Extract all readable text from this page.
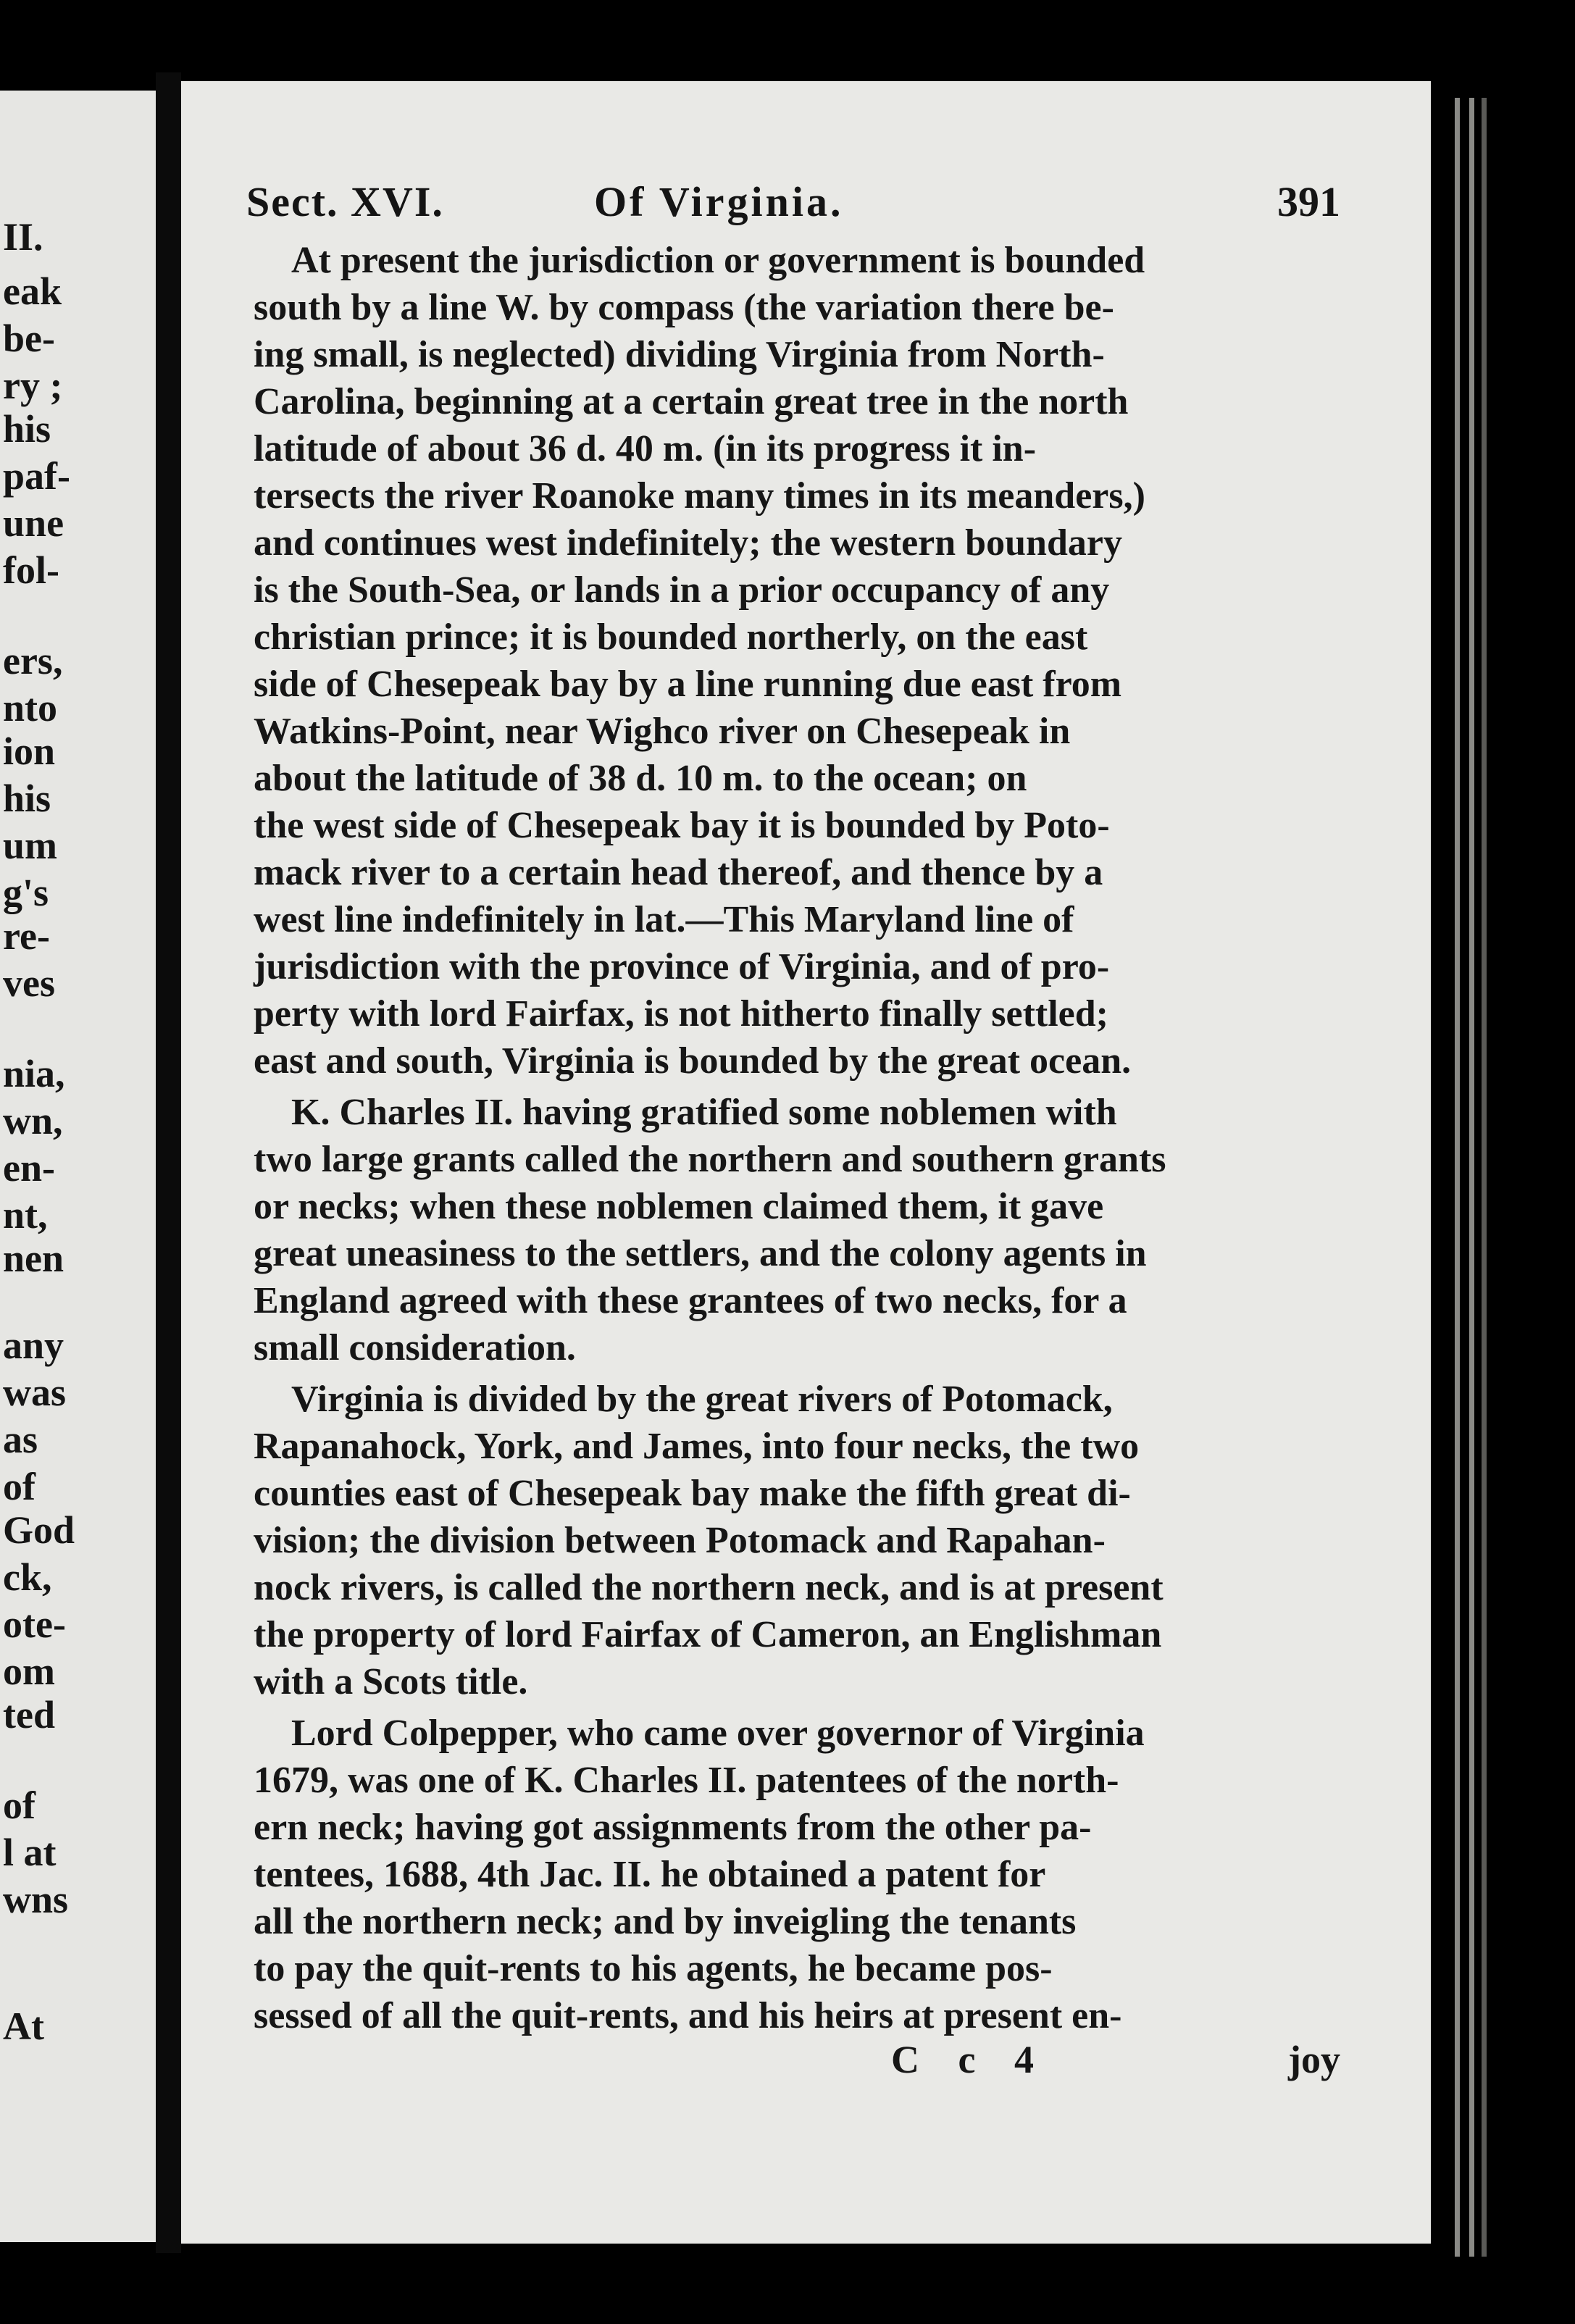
II.
eak
be-
ry ;
his
paf-
une
fol-
ers,
nto
ion
his
um
g's
re-
ves
nia,
wn,
en-
nt,
nen
any
was
as
of
God
ck,
ote-
om
ted
of
l at
wns
At
Sect. XVI.	Of Virginia.	391
At present the jurisdiction or government is bounded
south by a line W. by compass (the variation there be-
ing small, is neglected) dividing Virginia from North-
Carolina, beginning at a certain great tree in the north
latitude of about 36 d. 40 m. (in its progress it in-
tersects the river Roanoke many times in its meanders,)
and continues west indefinitely; the western boundary
is the South-Sea, or lands in a prior occupancy of any
christian prince; it is bounded northerly, on the east
side of Chesepeak bay by a line running due east from
Watkins-Point, near Wighco river on Chesepeak in
about the latitude of 38 d. 10 m. to the ocean; on
the west side of Chesepeak bay it is bounded by Poto-
mack river to a certain head thereof, and thence by a
west line indefinitely in lat.—This Maryland line of
jurisdiction with the province of Virginia, and of pro-
perty with lord Fairfax, is not hitherto finally settled;
east and south, Virginia is bounded by the great ocean.
K. Charles II. having gratified some noblemen with
two large grants called the northern and southern grants
or necks; when these noblemen claimed them, it gave
great uneasiness to the settlers, and the colony agents in
England agreed with these grantees of two necks, for a
small consideration.
Virginia is divided by the great rivers of Potomack,
Rapanahock, York, and James, into four necks, the two
counties east of Chesepeak bay make the fifth great di-
vision; the division between Potomack and Rapahan-
nock rivers, is called the northern neck, and is at present
the property of lord Fairfax of Cameron, an Englishman
with a Scots title.
Lord Colpepper, who came over governor of Virginia
1679, was one of K. Charles II. patentees of the north-
ern neck; having got assignments from the other pa-
tentees, 1688, 4th Jac. II. he obtained a patent for
all the northern neck; and by inveigling the tenants
to pay the quit-rents to his agents, he became pos-
sessed of all the quit-rents, and his heirs at present en-
C c 4	joy
